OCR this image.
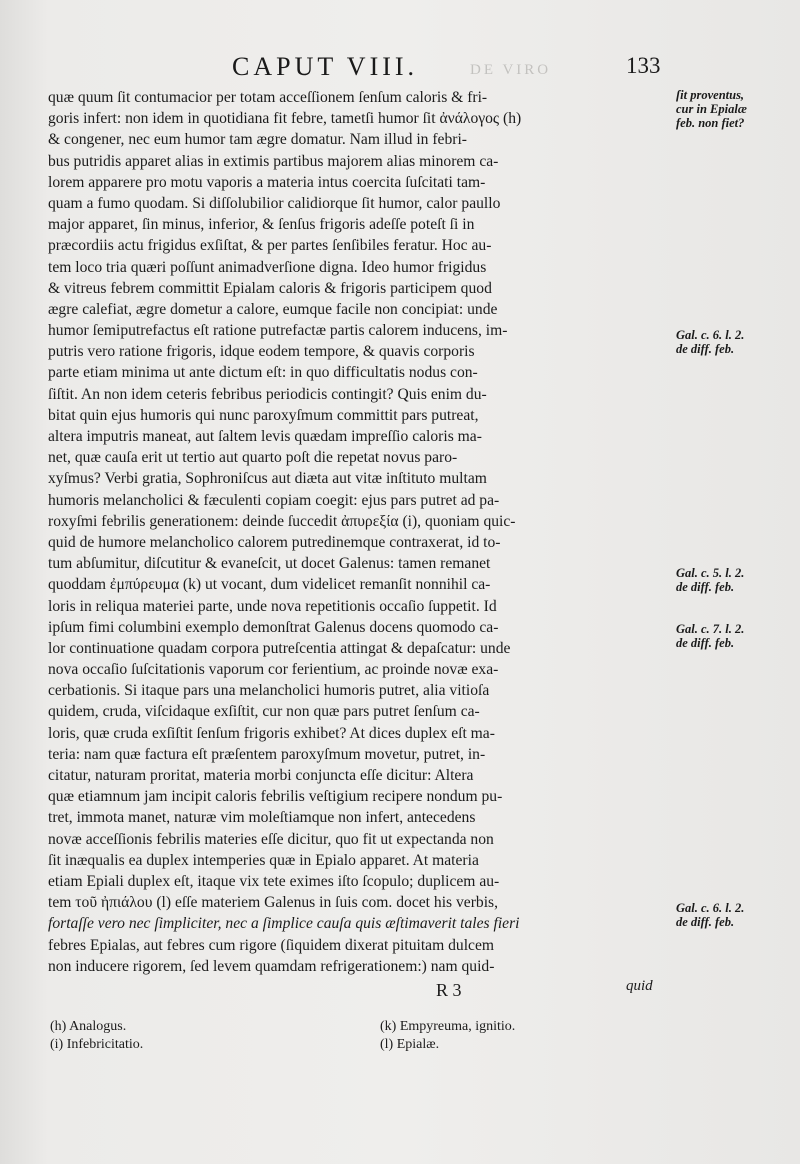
DE VIRO
CAPUT VIII.	133
quæ quum ſit contumacior per totam acceſſionem ſenſum caloris & fri-
goris infert: non idem in quotidiana fit febre, tametſi humor ſit ἀνάλογος (h)
& congener, nec eum humor tam ægre domatur. Nam illud in febri-
bus putridis apparet alias in extimis partibus majorem alias minorem ca-
lorem apparere pro motu vaporis a materia intus coercita ſuſcitati tam-
quam a fumo quodam. Si diſſolubilior calidiorque ſit humor, calor paullo
major apparet, ſin minus, inferior, & ſenſus frigoris adeſſe poteſt ſi in
præcordiis actu frigidus exſiſtat, & per partes ſenſibiles feratur. Hoc au-
tem loco tria quæri poſſunt animadverſione digna. Ideo humor frigidus
& vitreus febrem committit Epialam caloris & frigoris participem quod
ægre calefiat, ægre dometur a calore, eumque facile non concipiat: unde
humor ſemiputrefactus eſt ratione putrefactæ partis calorem inducens, im-
putris vero ratione frigoris, idque eodem tempore, & quavis corporis
parte etiam minima ut ante dictum eſt: in quo difficultatis nodus con-
ſiſtit. An non idem ceteris febribus periodicis contingit? Quis enim du-
bitat quin ejus humoris qui nunc paroxyſmum committit pars putreat,
altera imputris maneat, aut ſaltem levis quædam impreſſio caloris ma-
net, quæ cauſa erit ut tertio aut quarto poſt die repetat novus paro-
xyſmus? Verbi gratia, Sophroniſcus aut diæta aut vitæ inſtituto multam
humoris melancholici & fæculenti copiam coegit: ejus pars putret ad pa-
roxyſmi febrilis generationem: deinde ſuccedit ἀπυρεξία (i), quoniam quic-
quid de humore melancholico calorem putredinemque contraxerat, id to-
tum abſumitur, diſcutitur & evaneſcit, ut docet Galenus: tamen remanet
quoddam ἐμπύρευμα (k) ut vocant, dum videlicet remanſit nonnihil ca-
loris in reliqua materiei parte, unde nova repetitionis occaſio ſuppetit. Id
ipſum fimi columbini exemplo demonſtrat Galenus docens quomodo ca-
lor continuatione quadam corpora putreſcentia attingat & depaſcatur: unde
nova occaſio ſuſcitationis vaporum cor ferientium, ac proinde novæ exa-
cerbationis. Si itaque pars una melancholici humoris putret, alia vitioſa
quidem, cruda, viſcidaque exſiſtit, cur non quæ pars putret ſenſum ca-
loris, quæ cruda exſiſtit ſenſum frigoris exhibet? At dices duplex eſt ma-
teria: nam quæ factura eſt præſentem paroxyſmum movetur, putret, in-
citatur, naturam proritat, materia morbi conjuncta eſſe dicitur: Altera
quæ etiamnum jam incipit caloris febrilis veſtigium recipere nondum pu-
tret, immota manet, naturæ vim moleſtiamque non infert, antecedens
novæ acceſſionis febrilis materies eſſe dicitur, quo fit ut expectanda non
ſit inæqualis ea duplex intemperies quæ in Epialo apparet. At materia
etiam Epiali duplex eſt, itaque vix tete eximes iſto ſcopulo; duplicem au-
tem τοῦ ἠπιάλου (l) eſſe materiem Galenus in ſuis com. docet his verbis,
fortaſſe vero nec ſimpliciter, nec a ſimplice cauſa quis æſtimaverit tales fieri
febres Epialas, aut febres cum rigore (ſiquidem dixerat pituitam dulcem
non inducere rigorem, ſed levem quamdam refrigerationem:) nam quid-
R 3	quid
ſit proventus,
cur in Epialæ
feb. non fiet?
Gal. c. 6. l. 2.
de diff. feb.
Gal. c. 5. l. 2.
de diff. feb.
Gal. c. 7. l. 2.
de diff. feb.
Gal. c. 6. l. 2.
de diff. feb.
(h) Analogus.
(i) Infebricitatio.
(k) Empyreuma, ignitio.
(l) Epialæ.
